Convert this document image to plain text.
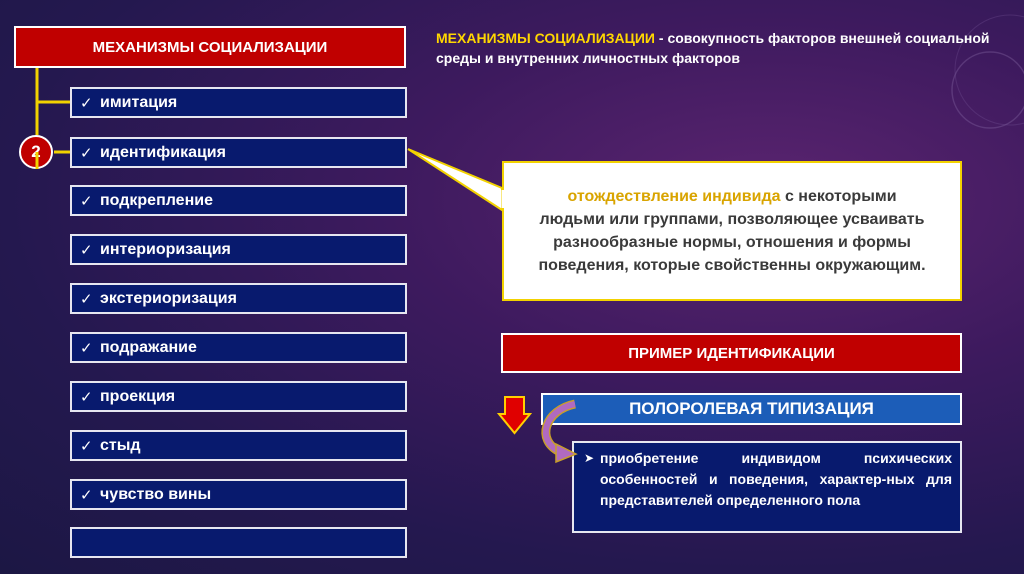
МЕХАНИЗМЫ СОЦИАЛИЗАЦИИ
✓ имитация
✓ идентификация
✓ подкрепление
✓ интериоризация
✓ экстериоризация
✓ подражание
✓ проекция
✓ стыд
✓ чувство вины
2
МЕХАНИЗМЫ СОЦИАЛИЗАЦИИ - совокупность факторов внешней социальной среды и внутренних личностных факторов
отождествление индивида с некоторыми людьми или группами, позволяющее усваивать разнообразные нормы, отношения и формы поведения, которые свойственны окружающим.
ПРИМЕР ИДЕНТИФИКАЦИИ
ПОЛОРОЛЕВАЯ ТИПИЗАЦИЯ
➤ приобретение индивидом психических особенностей и поведения, характер-ных для представителей определенного пола
